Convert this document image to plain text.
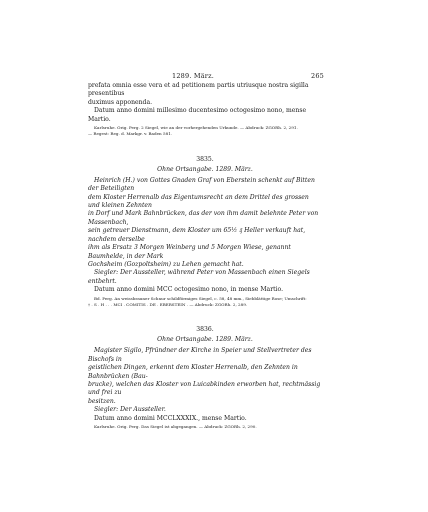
1289. März.	265

prefata omnia esse vera et ad petitionem partis utriusque nostra sigilla presentibus

duximus apponenda.

Datum anno domini millesimo ducentesimo octogesimo nono, mense Martio.

Karlsruhe. Orig. Perg. 2 Siegel, wie an der vorhergehenden Urkunde. — Abdruck: ZGORh. 2, 291.

— Regest: Reg. d. Markgr. v. Baden 581.

3835.

Ohne Ortsangabe. 1289. März.

Heinrich (H.) von Gottes Gnaden Graf von Eberstein schenkt auf Bitten der Beteiligten

dem Kloster Herrenalb das Eigentumsrecht an dem Drittel des grossen und kleinen Zehnten

in Dorf und Mark Bahnbrücken, das der von ihm damit belehnte Peter von Massenbach,

sein getreuer Dienstmann, dem Kloster um 65½ ₰ Heller verkauft hat, nachdem derselbe

ihm als Ersatz 3 Morgen Weinberg und 5 Morgen Wiese, genannt Baumhelde, in der Mark

Gochsheim (Gozpoltsheim) zu Lehen gemacht hat.

Siegler: Der Aussteller, während Peter von Massenbach einen Siegels entbehrt.

Datum anno domini MCC octogesimo nono, in mense Martio.

Bd. Perg. An weissbrauner Schnur schildförmiges Siegel, c. 58, 48 mm., Siebblättige Rose; Umschrift:

† . S . H . . . MCI . COMITIS . DE . EBERSTEIN . — Abdruck: ZGORh. 2, 289.

3836.

Ohne Ortsangabe. 1289. März.

Magister Sigilo, Pfründner der Kirche in Speier und Stellvertreter des Bischofs in

geistlichen Dingen, erkennt dem Kloster Herrenalb, den Zehnten in Bahnbrücken (Bau-

brucke), welchen das Kloster von Luicabkinden erworben hat, rechtmässig und frei zu

besitzen.

Siegler: Der Aussteller.

Datum anno domini MCCLXXXIX., mense Martio.

Karlsruhe. Orig. Perg. Das Siegel ist abgegangen. — Abdruck: ZGORh. 2, 290.
